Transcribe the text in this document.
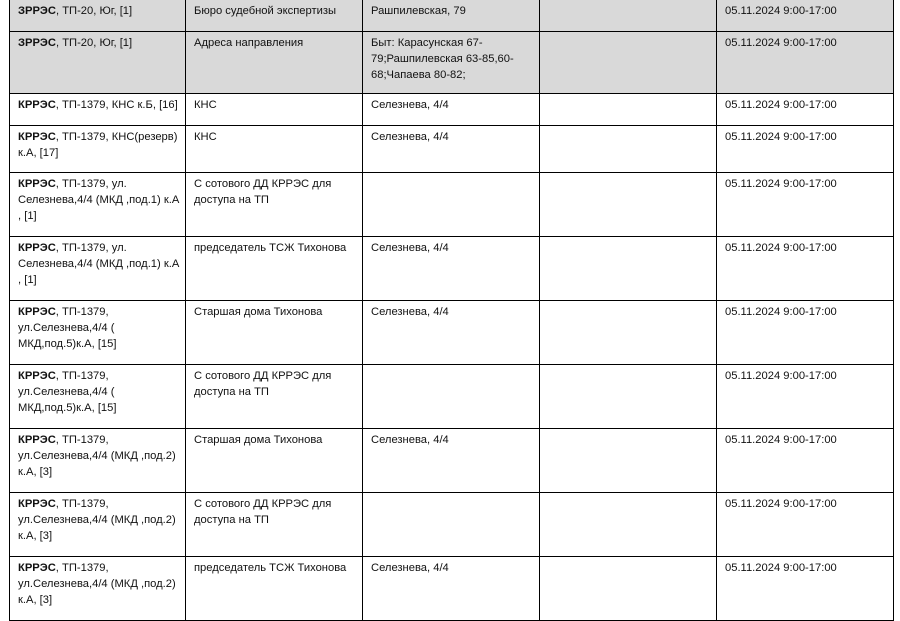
ЗРРЭС, ТП-20, Юг, [1]	Бюро судебной экспертизы	Рашпилевская, 79		05.11.2024 9:00-17:00
ЗРРЭС, ТП-20, Юг, [1]	Адреса направления	Быт: Карасунская 67-79;Рашпилевская 63-85,60-68;Чапаева 80-82;		05.11.2024 9:00-17:00
КРРЭС, ТП-1379, КНС к.Б, [16]	КНС	Селезнева, 4/4		05.11.2024 9:00-17:00
КРРЭС, ТП-1379, КНС(резерв) к.А, [17]	КНС	Селезнева, 4/4		05.11.2024 9:00-17:00
КРРЭС, ТП-1379, ул. Селезнева,4/4 (МКД ,под.1) к.А , [1]	С сотового ДД КРРЭС для доступа на ТП			05.11.2024 9:00-17:00
КРРЭС, ТП-1379, ул. Селезнева,4/4 (МКД ,под.1) к.А , [1]	председатель ТСЖ Тихонова	Селезнева, 4/4		05.11.2024 9:00-17:00
КРРЭС, ТП-1379, ул.Селезнева,4/4 ( МКД,под.5)к.А, [15]	Старшая дома Тихонова	Селезнева, 4/4		05.11.2024 9:00-17:00
КРРЭС, ТП-1379, ул.Селезнева,4/4 ( МКД,под.5)к.А, [15]	С сотового ДД КРРЭС для доступа на ТП			05.11.2024 9:00-17:00
КРРЭС, ТП-1379, ул.Селезнева,4/4 (МКД ,под.2) к.А, [3]	Старшая дома Тихонова	Селезнева, 4/4		05.11.2024 9:00-17:00
КРРЭС, ТП-1379, ул.Селезнева,4/4 (МКД ,под.2) к.А, [3]	С сотового ДД КРРЭС для доступа на ТП			05.11.2024 9:00-17:00
КРРЭС, ТП-1379, ул.Селезнева,4/4 (МКД ,под.2) к.А, [3]	председатель ТСЖ Тихонова	Селезнева, 4/4		05.11.2024 9:00-17:00
